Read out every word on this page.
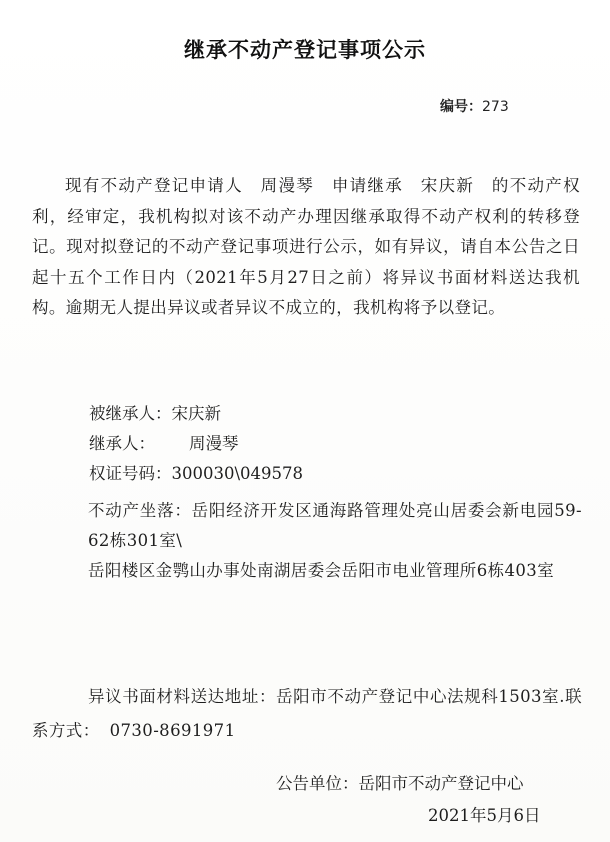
继承不动产登记事项公示
编号：273
现有不动产登记申请人　周漫琴　申请继承　宋庆新　的不动产权利，经审定，我机构拟对该不动产办理因继承取得不动产权利的转移登记。现对拟登记的不动产登记事项进行公示，如有异议，请自本公告之日起十五个工作日内（2021年5月27日之前）将异议书面材料送达我机构。逾期无人提出异议或者异议不成立的，我机构将予以登记。
被继承人：宋庆新
继承人： 周漫琴
权证号码：300030\049578
不动产坐落：岳阳经济开发区通海路管理处亮山居委会新电园59-62栋301室\
岳阳楼区金鹗山办事处南湖居委会岳阳市电业管理所6栋403室
异议书面材料送达地址：岳阳市不动产登记中心法规科1503室.联系方式： 0730-8691971
公告单位：岳阳市不动产登记中心
2021年5月6日
